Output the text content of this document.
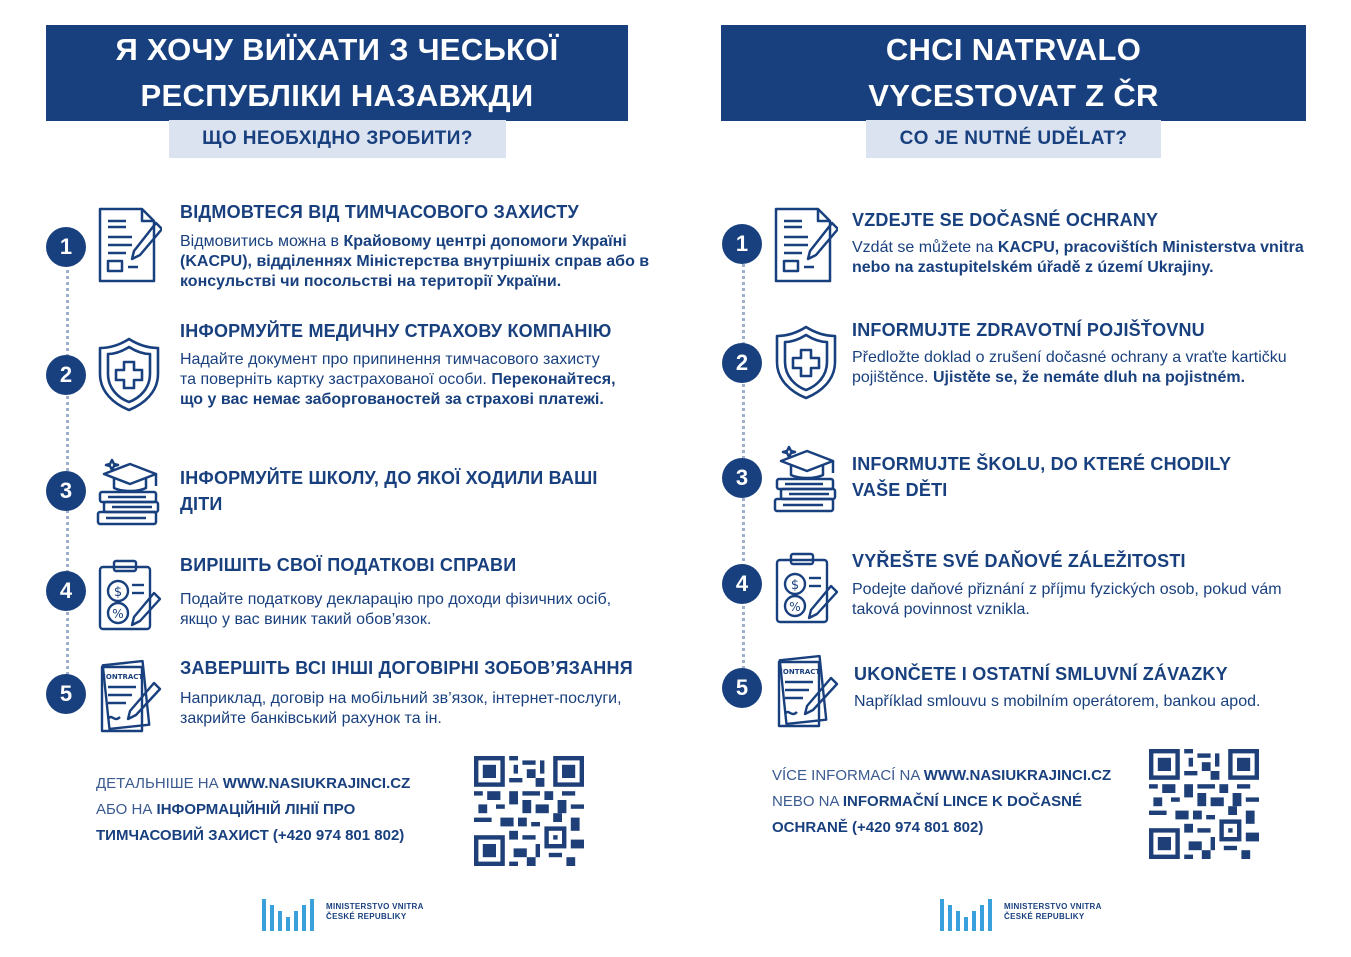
Я ХОЧУ ВИЇХАТИ З ЧЕСЬКОЇ
РЕСПУБЛІКИ НАЗАВЖДИ
ЩО НЕОБХІДНО ЗРОБИТИ?
1
ВІДМОВТЕСЯ ВІД ТИМЧАСОВОГО ЗАХИСТУ
Відмовитись можна в Крайовому центрі допомоги Україні (KACPU), відділеннях Міністерства внутрішніх справ або в консульстві чи посольстві на території України.
2
ІНФОРМУЙТЕ МЕДИЧНУ СТРАХОВУ КОМПАНІЮ
Надайте документ про припинення тимчасового захисту та поверніть картку застрахованої особи. Переконайтеся, що у вас немає заборгованостей за страхові платежі.
3	ІНФОРМУЙТЕ ШКОЛУ, ДО ЯКОЇ ХОДИЛИ ВАШІ ДІТИ
4
ВИРІШІТЬ СВОЇ ПОДАТКОВІ СПРАВИ
Подайте податкову декларацію про доходи фізичних осіб, якщо у вас виник такий обов’язок.
5
ЗАВЕРШІТЬ ВСІ ІНШІ ДОГОВІРНІ ЗОБОВ’ЯЗАННЯ
Наприклад, договір на мобільний зв’язок, інтернет-послуги, закрийте банківський рахунок та ін.
ДЕТАЛЬНІШЕ НА WWW.NASIUKRAJINCI.CZ
АБО НА ІНФОРМАЦІЙНІЙ ЛІНІЇ ПРО ТИМЧАСОВИЙ ЗАХИСТ (+420 974 801 802)
MINISTERSTVO VNITRA
ČESKÉ REPUBLIKY
CHCI NATRVALO
VYCESTOVAT Z ČR
CO JE NUTNÉ UDĚLAT?
1
VZDEJTE SE DOČASNÉ OCHRANY
Vzdát se můžete na KACPU, pracovištích Ministerstva vnitra nebo na zastupitelském úřadě z území Ukrajiny.
2
INFORMUJTE ZDRAVOTNÍ POJIŠŤOVNU
Předložte doklad o zrušení dočasné ochrany a vraťte kartičku pojištěnce. Ujistěte se, že nemáte dluh na pojistném.
3
INFORMUJTE ŠKOLU, DO KTERÉ CHODILY VAŠE DĚTI
4
VYŘEŠTE SVÉ DAŇOVÉ ZÁLEŽITOSTI
Podejte daňové přiznání z příjmu fyzických osob, pokud vám taková povinnost vznikla.
5
UKONČETE I OSTATNÍ SMLUVNÍ ZÁVAZKY
Například smlouvu s mobilním operátorem, bankou apod.
VÍCE INFORMACÍ NA WWW.NASIUKRAJINCI.CZ
NEBO NA INFORMAČNÍ LINCE K DOČASNÉ OCHRANĚ (+420 974 801 802)
MINISTERSTVO VNITRA
ČESKÉ REPUBLIKY
